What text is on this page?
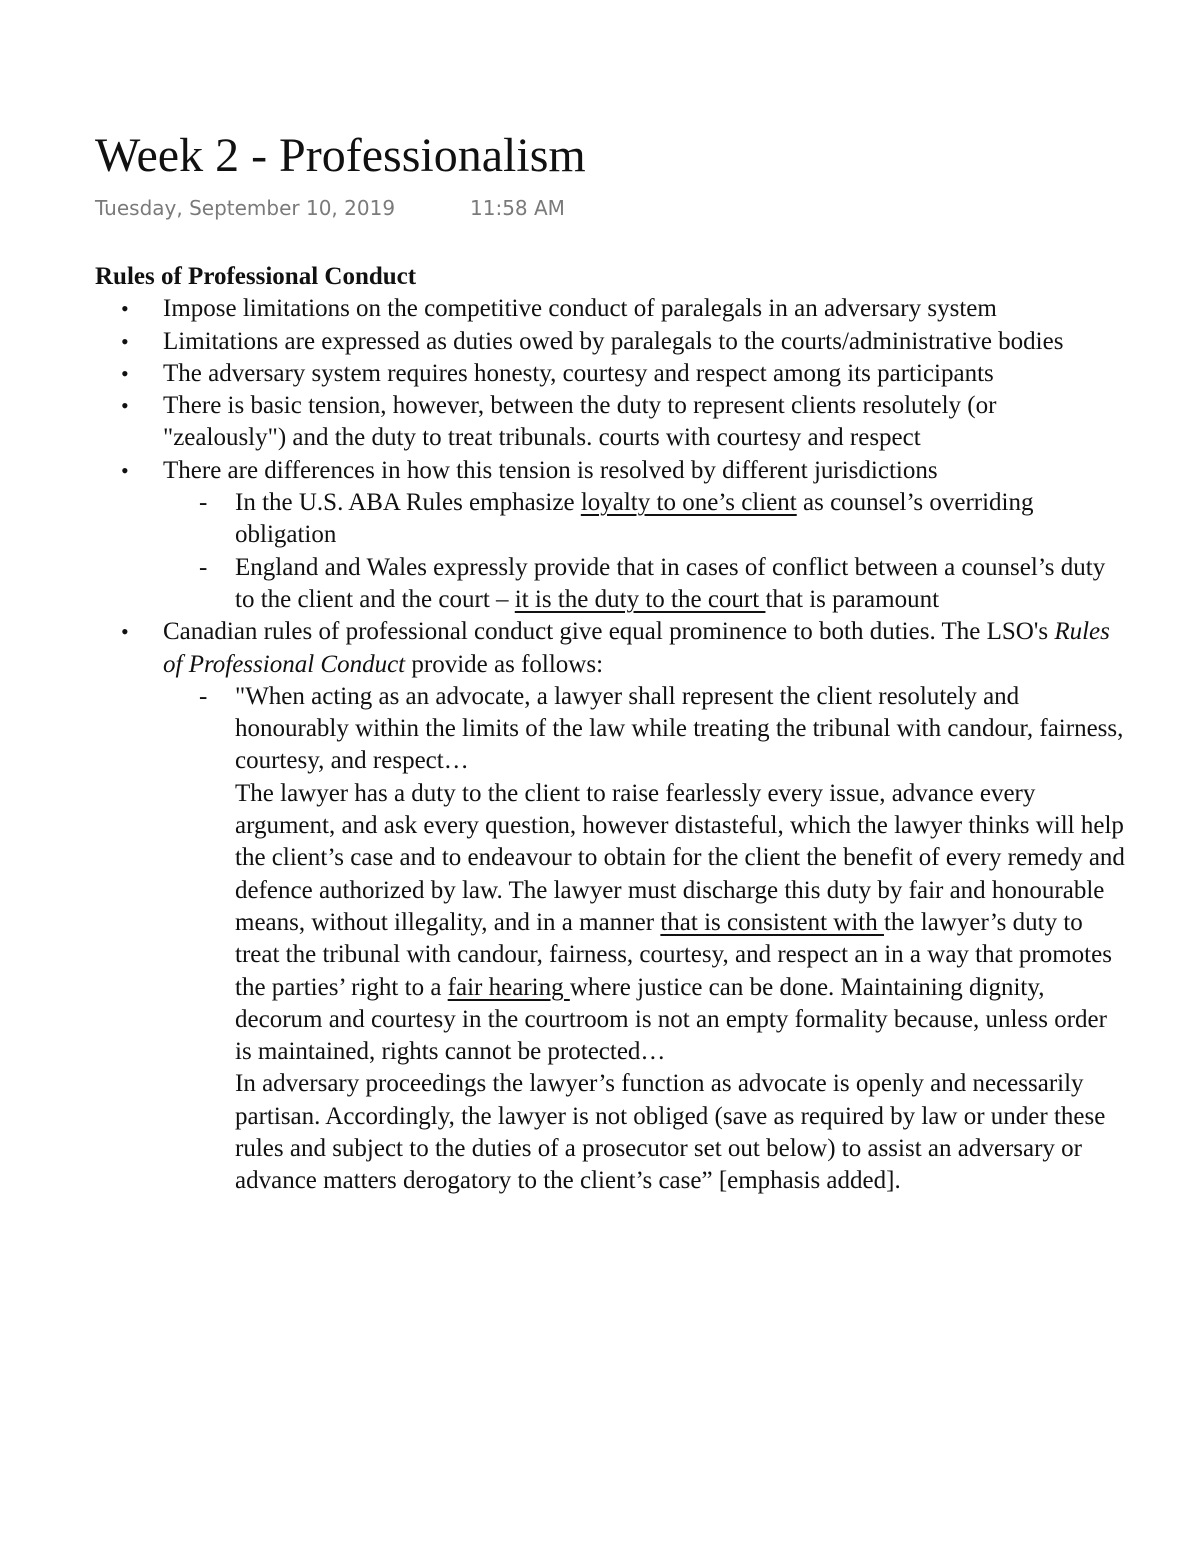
Week 2 - Professionalism
Tuesday, September 10, 2019	11:58 AM

Rules of Professional Conduct

• Impose limitations on the competitive conduct of paralegals in an adversary system
• Limitations are expressed as duties owed by paralegals to the courts/administrative bodies
• The adversary system requires honesty, courtesy and respect among its participants
• There is basic tension, however, between the duty to represent clients resolutely (or "zealously") and the duty to treat tribunals. courts with courtesy and respect
• There are differences in how this tension is resolved by different jurisdictions
- In the U.S. ABA Rules emphasize loyalty to one’s client as counsel’s overriding obligation
- England and Wales expressly provide that in cases of conflict between a counsel’s duty to the client and the court – it is the duty to the court that is paramount
• Canadian rules of professional conduct give equal prominence to both duties. The LSO's Rules of Professional Conduct provide as follows:
- "When acting as an advocate, a lawyer shall represent the client resolutely and honourably within the limits of the law while treating the tribunal with candour, fairness, courtesy, and respect…
The lawyer has a duty to the client to raise fearlessly every issue, advance every argument, and ask every question, however distasteful, which the lawyer thinks will help the client’s case and to endeavour to obtain for the client the benefit of every remedy and defence authorized by law. The lawyer must discharge this duty by fair and honourable means, without illegality, and in a manner that is consistent with the lawyer’s duty to treat the tribunal with candour, fairness, courtesy, and respect an in a way that promotes the parties’ right to a fair hearing where justice can be done. Maintaining dignity, decorum and courtesy in the courtroom is not an empty formality because, unless order is maintained, rights cannot be protected…
In adversary proceedings the lawyer’s function as advocate is openly and necessarily partisan. Accordingly, the lawyer is not obliged (save as required by law or under these rules and subject to the duties of a prosecutor set out below) to assist an adversary or advance matters derogatory to the client’s case” [emphasis added].
